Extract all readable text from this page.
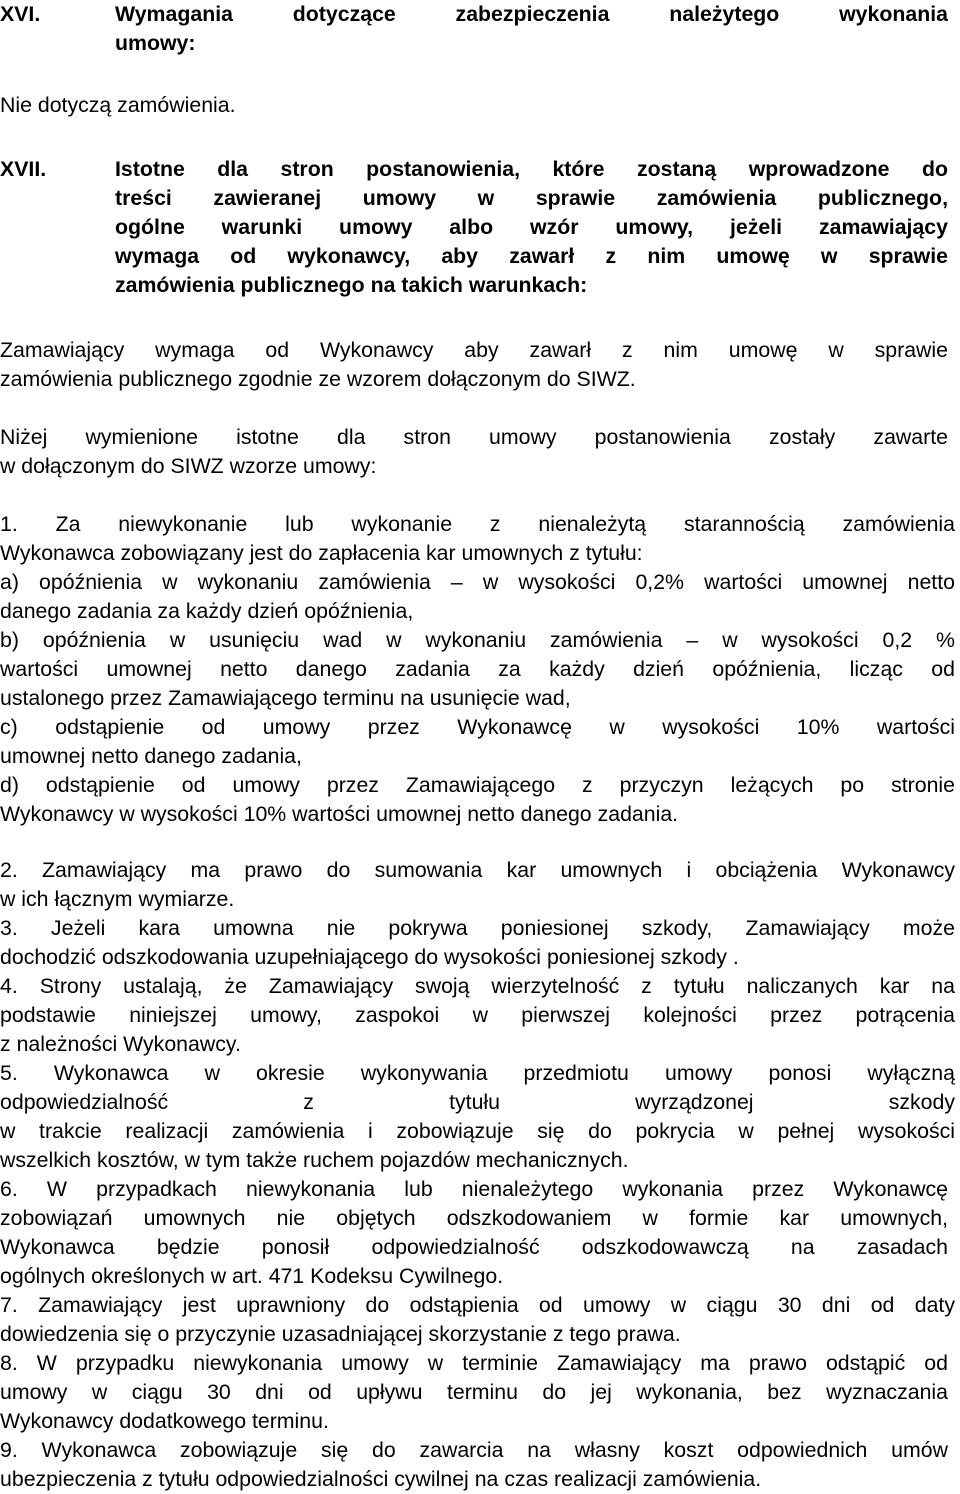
XVI.	Wymagania dotyczące zabezpieczenia należytego wykonania
umowy:
Nie dotyczą zamówienia.
XVII.	Istotne dla stron postanowienia, które zostaną wprowadzone do
treści zawieranej umowy w sprawie zamówienia publicznego,
ogólne warunki umowy albo wzór umowy, jeżeli zamawiający
wymaga od wykonawcy, aby zawarł z nim umowę w sprawie
zamówienia publicznego na takich warunkach:
Zamawiający wymaga od Wykonawcy aby zawarł z nim umowę w sprawie
zamówienia publicznego zgodnie ze wzorem dołączonym do SIWZ.
Niżej wymienione istotne dla stron umowy postanowienia zostały zawarte
w dołączonym do SIWZ wzorze umowy:
1. Za niewykonanie lub wykonanie z nienależytą starannością zamówienia
Wykonawca zobowiązany jest do zapłacenia kar umownych z tytułu:
a) opóźnienia w wykonaniu zamówienia – w wysokości 0,2% wartości umownej netto
danego zadania za każdy dzień opóźnienia,
b) opóźnienia w usunięciu wad w wykonaniu zamówienia – w wysokości 0,2 %
wartości umownej netto danego zadania za każdy dzień opóźnienia, licząc od
ustalonego przez Zamawiającego terminu na usunięcie wad,
c) odstąpienie od umowy przez Wykonawcę w wysokości 10% wartości
umownej netto danego zadania,
d) odstąpienie od umowy przez Zamawiającego z przyczyn leżących po stronie
Wykonawcy w wysokości 10% wartości umownej netto danego zadania.
2. Zamawiający ma prawo do sumowania kar umownych i obciążenia Wykonawcy
w ich łącznym wymiarze.
3. Jeżeli kara umowna nie pokrywa poniesionej szkody, Zamawiający może
dochodzić odszkodowania uzupełniającego do wysokości poniesionej szkody .
4. Strony ustalają, że Zamawiający swoją wierzytelność z tytułu naliczanych kar na
podstawie niniejszej umowy, zaspokoi w pierwszej kolejności przez potrącenia
z należności Wykonawcy.
5. Wykonawca w okresie wykonywania przedmiotu umowy ponosi wyłączną
odpowiedzialność z tytułu wyrządzonej szkody
w trakcie realizacji zamówienia i zobowiązuje się do pokrycia w pełnej wysokości
wszelkich kosztów, w tym także ruchem pojazdów mechanicznych.
6. W przypadkach niewykonania lub nienależytego wykonania przez Wykonawcę
zobowiązań umownych nie objętych odszkodowaniem w formie kar umownych,
Wykonawca będzie ponosił odpowiedzialność odszkodowawczą na zasadach
ogólnych określonych w art. 471 Kodeksu Cywilnego.
7. Zamawiający jest uprawniony do odstąpienia od umowy w ciągu 30 dni od daty
dowiedzenia się o przyczynie uzasadniającej skorzystanie z tego prawa.
8. W przypadku niewykonania umowy w terminie Zamawiający ma prawo odstąpić od
umowy w ciągu 30 dni od upływu terminu do jej wykonania, bez wyznaczania
Wykonawcy dodatkowego terminu.
9. Wykonawca zobowiązuje się do zawarcia na własny koszt odpowiednich umów
ubezpieczenia z tytułu odpowiedzialności cywilnej na czas realizacji zamówienia.
